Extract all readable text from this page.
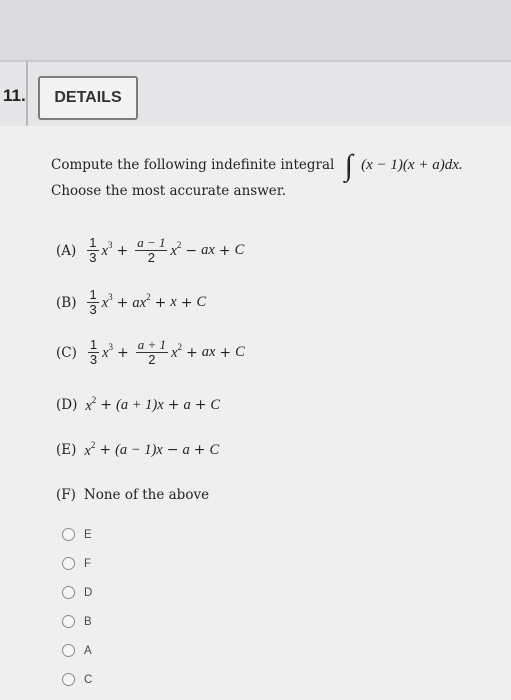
11.	DETAILS
Compute the following indefinite integral ∫ (x − 1)(x + a)dx.
Choose the most accurate answer.
$(A) \frac{1}{3} x^3 + \frac{a - 1}{2} x^2$ − ax + C
$(B) \frac{1}{3} x^3 + ax^2 + x + C$
$(C) \frac{1}{3} x^3 + \frac{a + 1}{2} x^2$ + ax + C
(D) $x^2 + (a + 1)x + a + C$
(E) $x^2 + (a - 1)x - a + C$
(F) None of the above
E
F
D
B
A
C
